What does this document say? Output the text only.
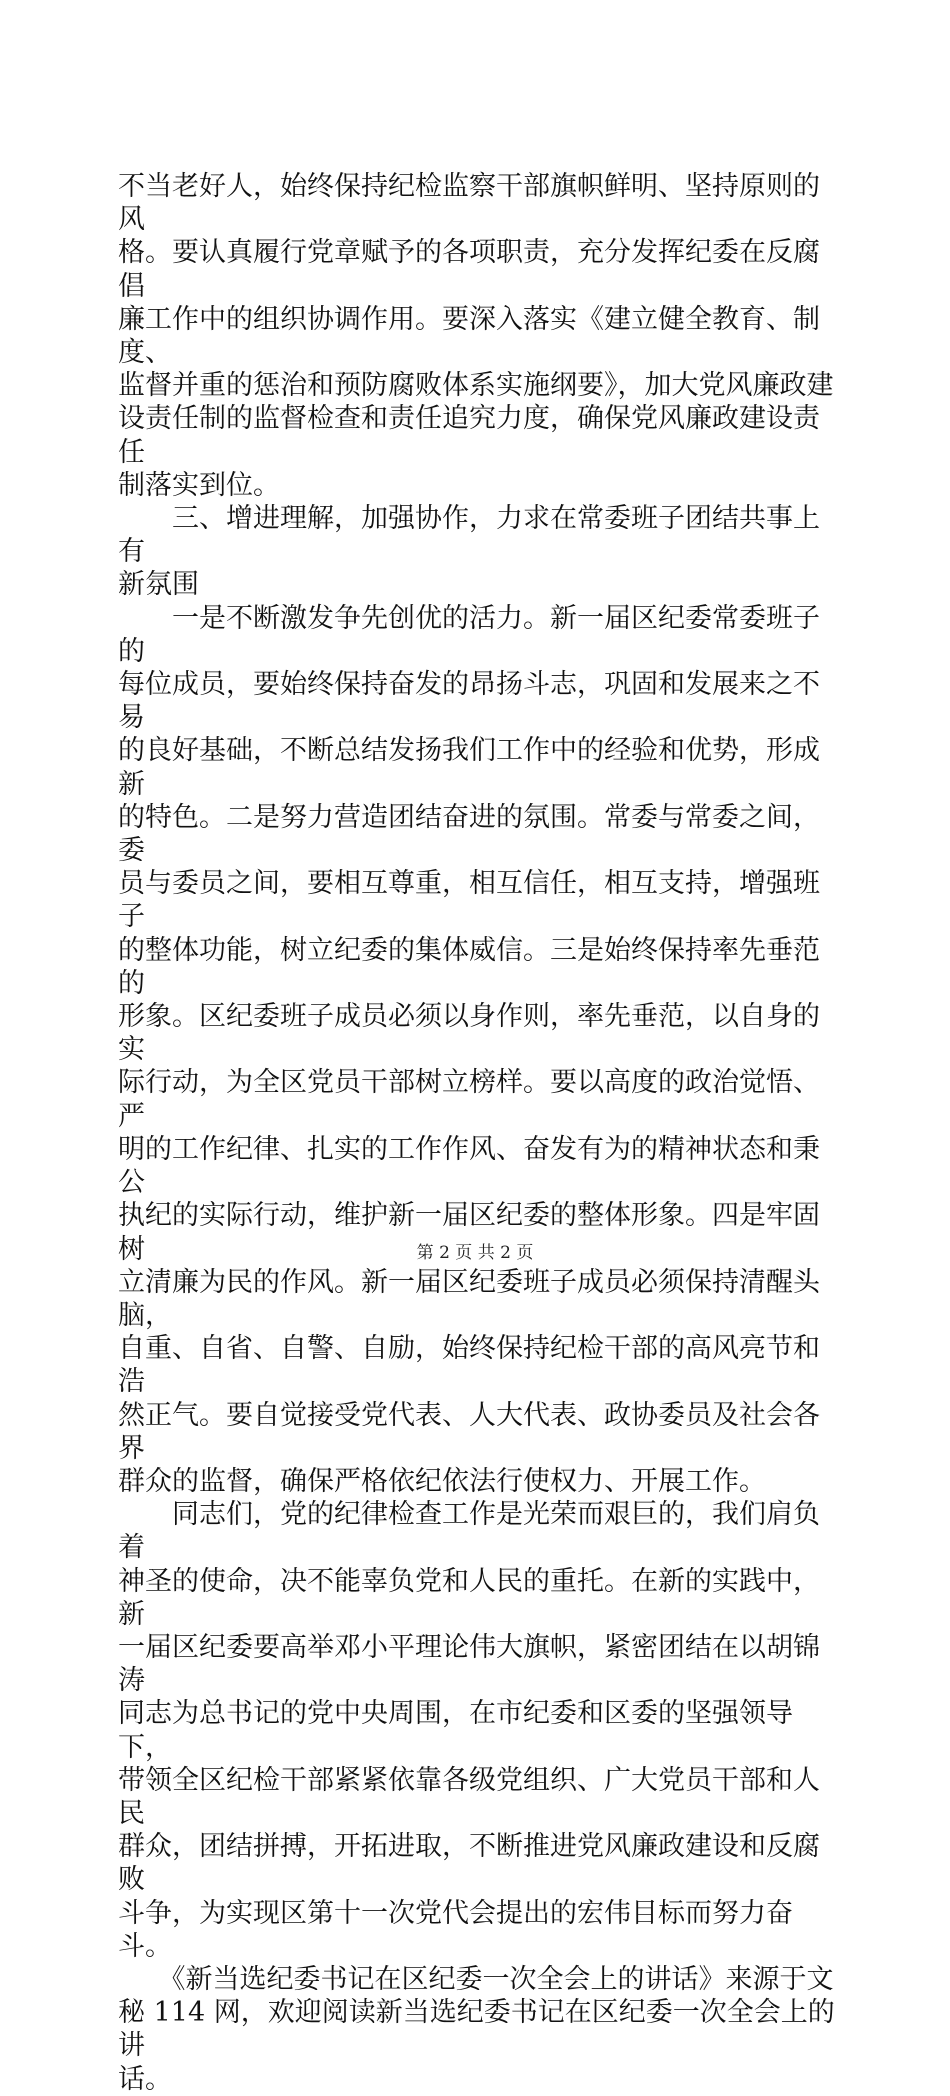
不当老好人，始终保持纪检监察干部旗帜鲜明、坚持原则的风
格。要认真履行党章赋予的各项职责，充分发挥纪委在反腐倡
廉工作中的组织协调作用。要深入落实《建立健全教育、制度、
监督并重的惩治和预防腐败体系实施纲要》，加大党风廉政建
设责任制的监督检查和责任追究力度，确保党风廉政建设责任
制落实到位。

　　三、增进理解，加强协作，力求在常委班子团结共事上有
新氛围

　　一是不断激发争先创优的活力。新一届区纪委常委班子的
每位成员，要始终保持奋发的昂扬斗志，巩固和发展来之不易
的良好基础，不断总结发扬我们工作中的经验和优势，形成新
的特色。二是努力营造团结奋进的氛围。常委与常委之间，委
员与委员之间，要相互尊重，相互信任，相互支持，增强班子
的整体功能，树立纪委的集体威信。三是始终保持率先垂范的
形象。区纪委班子成员必须以身作则，率先垂范，以自身的实
际行动，为全区党员干部树立榜样。要以高度的政治觉悟、严
明的工作纪律、扎实的工作作风、奋发有为的精神状态和秉公
执纪的实际行动，维护新一届区纪委的整体形象。四是牢固树
立清廉为民的作风。新一届区纪委班子成员必须保持清醒头脑，
自重、自省、自警、自励，始终保持纪检干部的高风亮节和浩
然正气。要自觉接受党代表、人大代表、政协委员及社会各界
群众的监督，确保严格依纪依法行使权力、开展工作。

　　同志们，党的纪律检查工作是光荣而艰巨的，我们肩负着
神圣的使命，决不能辜负党和人民的重托。在新的实践中，新
一届区纪委要高举邓小平理论伟大旗帜，紧密团结在以胡锦涛
同志为总书记的党中央周围，在市纪委和区委的坚强领导下，
带领全区纪检干部紧紧依靠各级党组织、广大党员干部和人民
群众，团结拼搏，开拓进取，不断推进党风廉政建设和反腐败
斗争，为实现区第十一次党代会提出的宏伟目标而努力奋斗。

　　《新当选纪委书记在区纪委一次全会上的讲话》来源于文
秘 114 网，欢迎阅读新当选纪委书记在区纪委一次全会上的讲
话。

第 2 页 共 2 页
